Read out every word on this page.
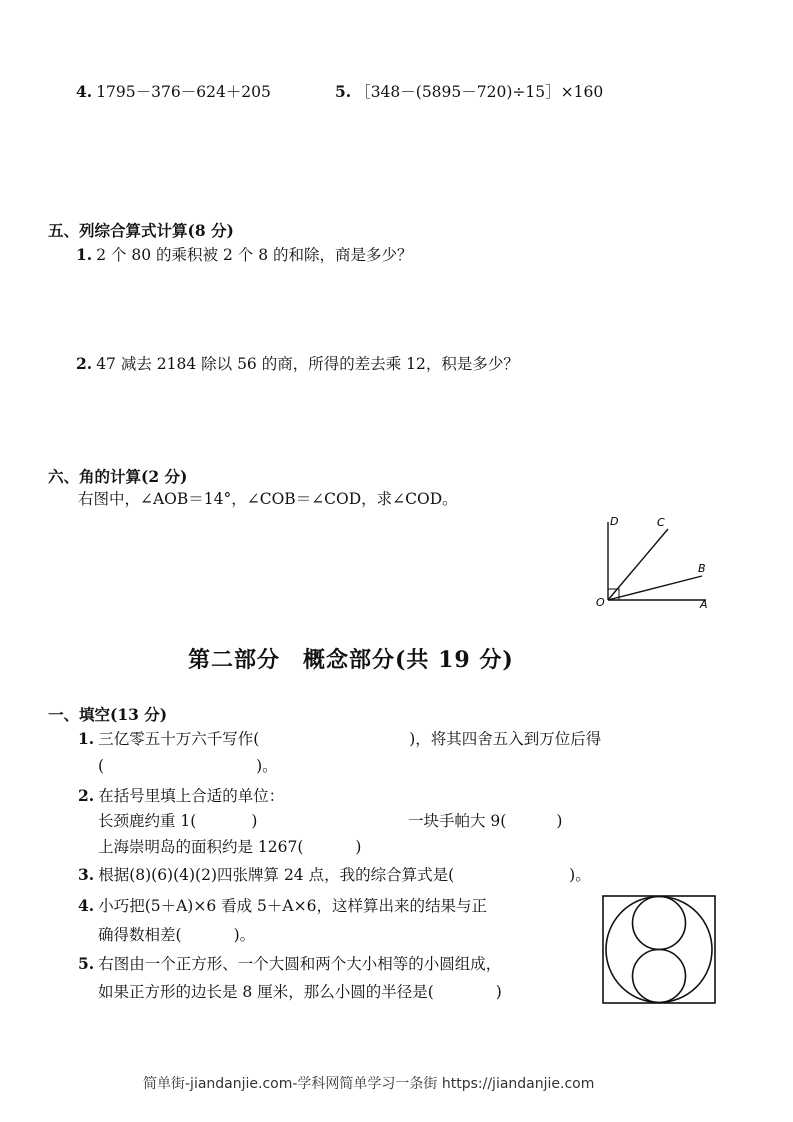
4. 1795－376－624＋205	5. ［348－(5895－720)÷15］×160
五、列综合算式计算(8 分)
1. 2 个 80 的乘积被 2 个 8 的和除，商是多少？
2. 47 减去 2184 除以 56 的商，所得的差去乘 12，积是多少？
六、角的计算(2 分)
右图中，∠AOB＝14°，∠COB＝∠COD，求∠COD。
D	C
B
O	A
第二部分　概念部分(共 19 分)
一、填空(13 分)
1. 三亿零五十万六千写作(	)，将其四舍五入到万位后得
(	)。
2. 在括号里填上合适的单位：
长颈鹿约重 1(	)	一块手帕大 9(	)
上海崇明岛的面积约是 1267(	)
3. 根据(8)(6)(4)(2)四张牌算 24 点，我的综合算式是(	)。
4. 小巧把(5＋A)×6 看成 5＋A×6，这样算出来的结果与正
确得数相差(	)。
5. 右图由一个正方形、一个大圆和两个大小相等的小圆组成，
如果正方形的边长是 8 厘米，那么小圆的半径是(	)
简单街-jiandanjie.com-学科网简单学习一条街 https://jiandanjie.com
